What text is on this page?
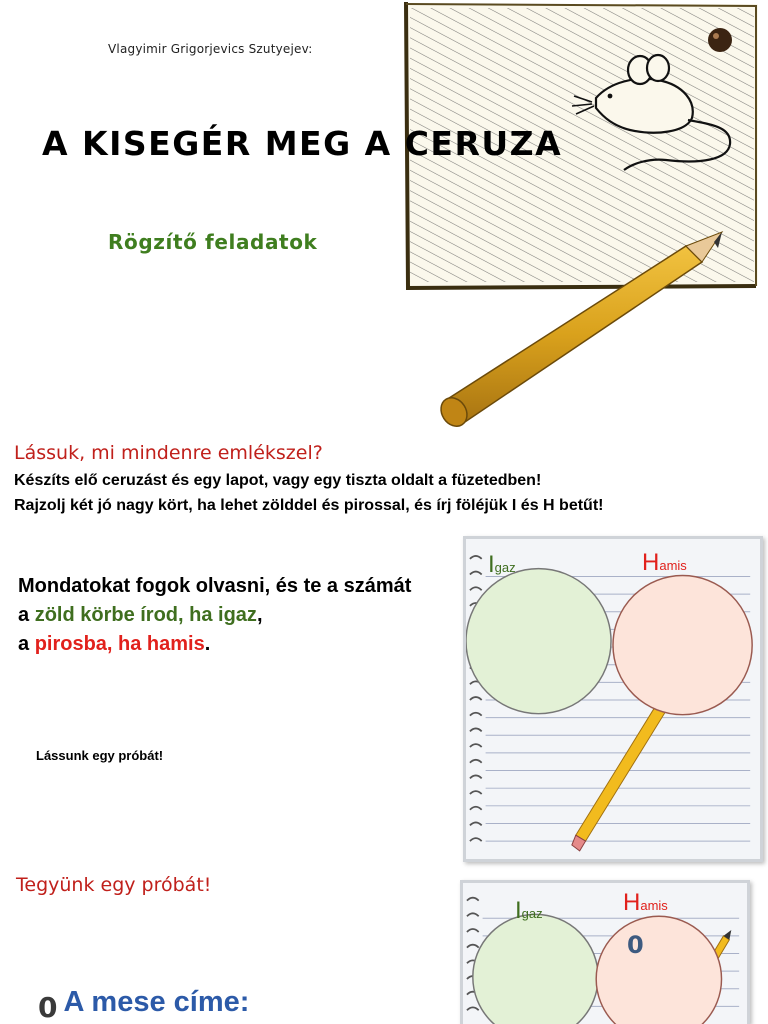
Vlagyimir Grigorjevics Szutyejev:
A KISEGÉR MEG A CERUZA
Rögzítő feladatok
Lássuk, mi mindenre emlékszel?
Készíts elő ceruzást és egy lapot, vagy egy tiszta oldalt a füzetedben!
Rajzolj két jó nagy kört, ha lehet zölddel és pirossal, és írj föléjük I és H betűt!
Mondatokat fogok olvasni, és te a számát
a zöld körbe írod, ha igaz,
a pirosba, ha hamis.
Lássunk egy próbát!
Igaz	Hamis
Tegyünk egy próbát!
Igaz	Hamis
0
0 A mese címe:
